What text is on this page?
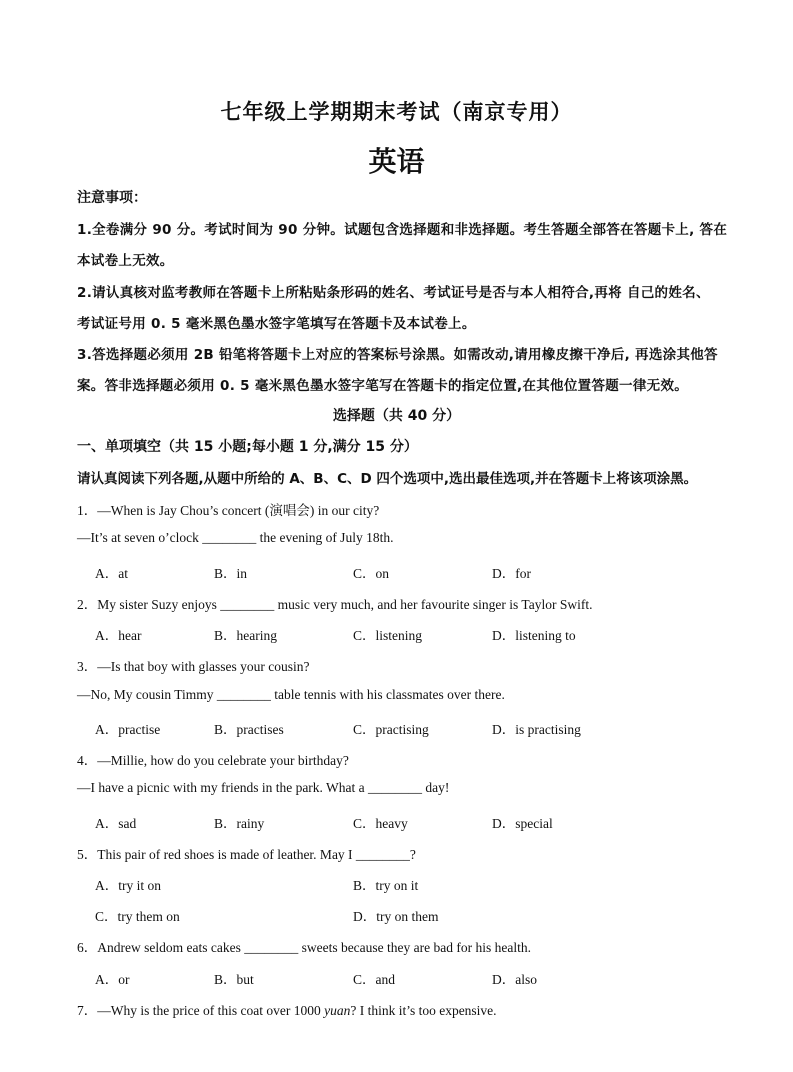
七年级上学期期末考试（南京专用）
英语
注意事项：
1.全卷满分 90 分。考试时间为 90 分钟。试题包含选择题和非选择题。考生答题全部答在答题卡上, 答在
本试卷上无效。
2.请认真核对监考教师在答题卡上所粘贴条形码的姓名、考试证号是否与本人相符合,再将 自己的姓名、
考试证号用 0. 5 毫米黑色墨水签字笔填写在答题卡及本试卷上。
3.答选择题必须用 2B 铅笔将答题卡上对应的答案标号涂黑。如需改动,请用橡皮擦干净后, 再选涂其他答
案。答非选择题必须用 0. 5 毫米黑色墨水签字笔写在答题卡的指定位置,在其他位置答题一律无效。
选择题（共 40 分）
一、单项填空（共 15 小题;每小题 1 分,满分 15 分）
请认真阅读下列各题,从题中所给的 A、B、C、D 四个选项中,选出最佳选项,并在答题卡上将该项涂黑。
1．—When is Jay Chou’s concert (演唱会) in our city?
—It’s at seven o’clock ________ the evening of July 18th.
A．at	B．in	C．on	D．for
2．My sister Suzy enjoys ________ music very much, and her favourite singer is Taylor Swift.
A．hear	B．hearing	C．listening	D．listening to
3．—Is that boy with glasses your cousin?
—No, My cousin Timmy ________ table tennis with his classmates over there.
A．practise	B．practises	C．practising	D．is practising
4．—Millie, how do you celebrate your birthday?
—I have a picnic with my friends in the park. What a ________ day!
A．sad	B．rainy	C．heavy	D．special
5．This pair of red shoes is made of leather. May I ________?
A．try it on	B．try on it
C．try them on	D．try on them
6．Andrew seldom eats cakes ________ sweets because they are bad for his health.
A．or	B．but	C．and	D．also
7．—Why is the price of this coat over 1000 yuan? I think it’s too expensive.
